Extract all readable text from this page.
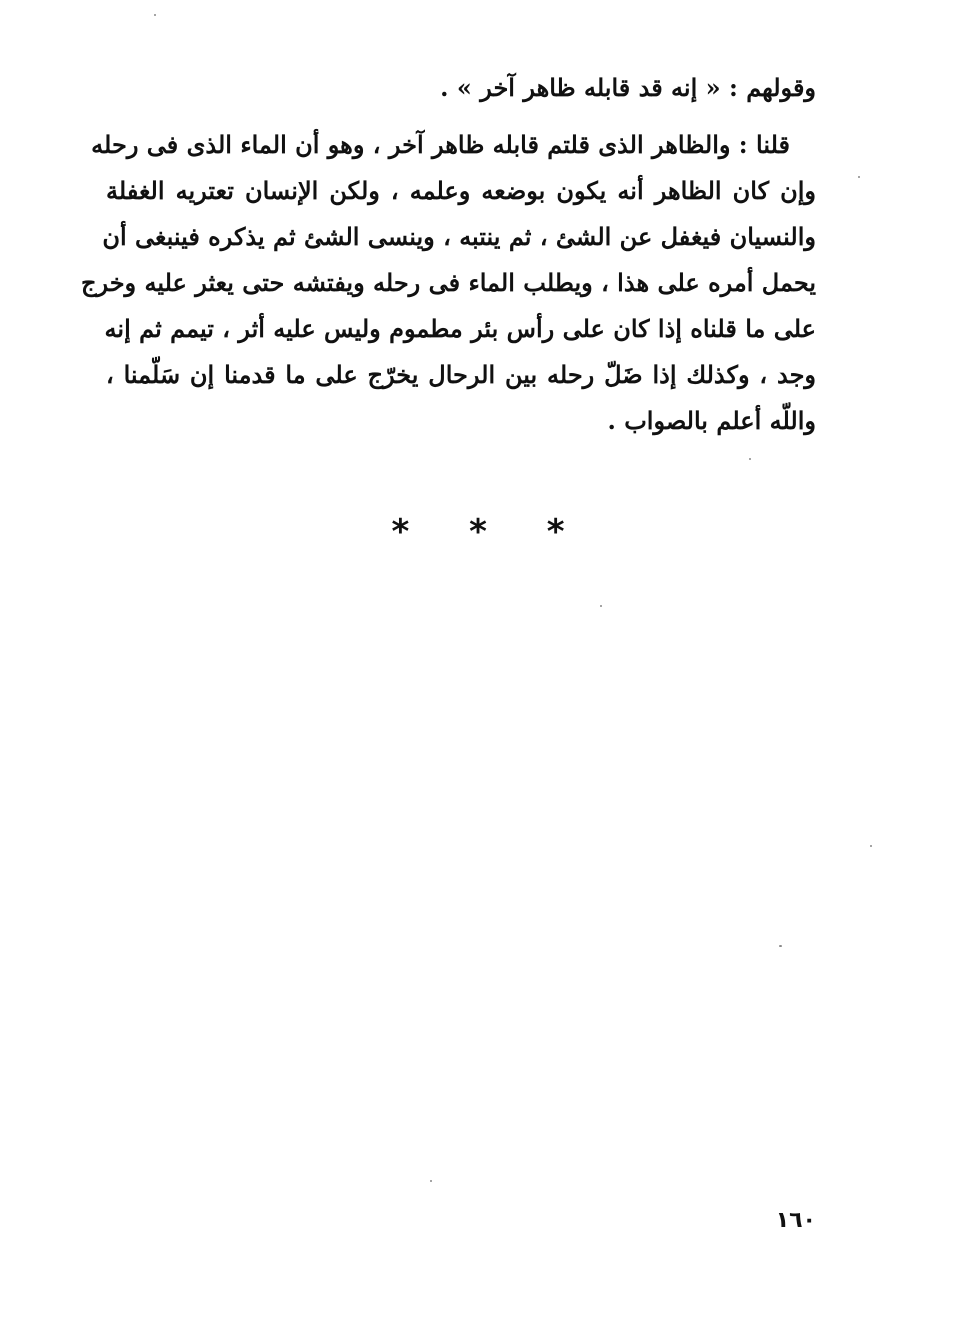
وقولهم : « إنه قد قابله ظاهر آخر » .
قلنا : والظاهر الذى قلتم قابله ظاهر آخر ، وهو أن الماء الذى فى رحله
وإن كان الظاهر أنه يكون بوضعه وعلمه ، ولكن الإنسان تعتريه الغفلة
والنسيان فيغفل عن الشئ ، ثم ينتبه ، وينسى الشئ ثم يذكره فينبغى أن
يحمل أمره على هذا ، ويطلب الماء فى رحله ويفتشه حتى يعثر عليه وخرج
على ما قلناه إذا كان على رأس بئر مطموم وليس عليه أثر ، تيمم ثم إنه
وجد ، وكذلك إذا ضَلّ رحله بين الرحال يخرّج على ما قدمنا إن سَلّمنا ،
واللّه أعلم بالصواب .
* * *
١٦٠
